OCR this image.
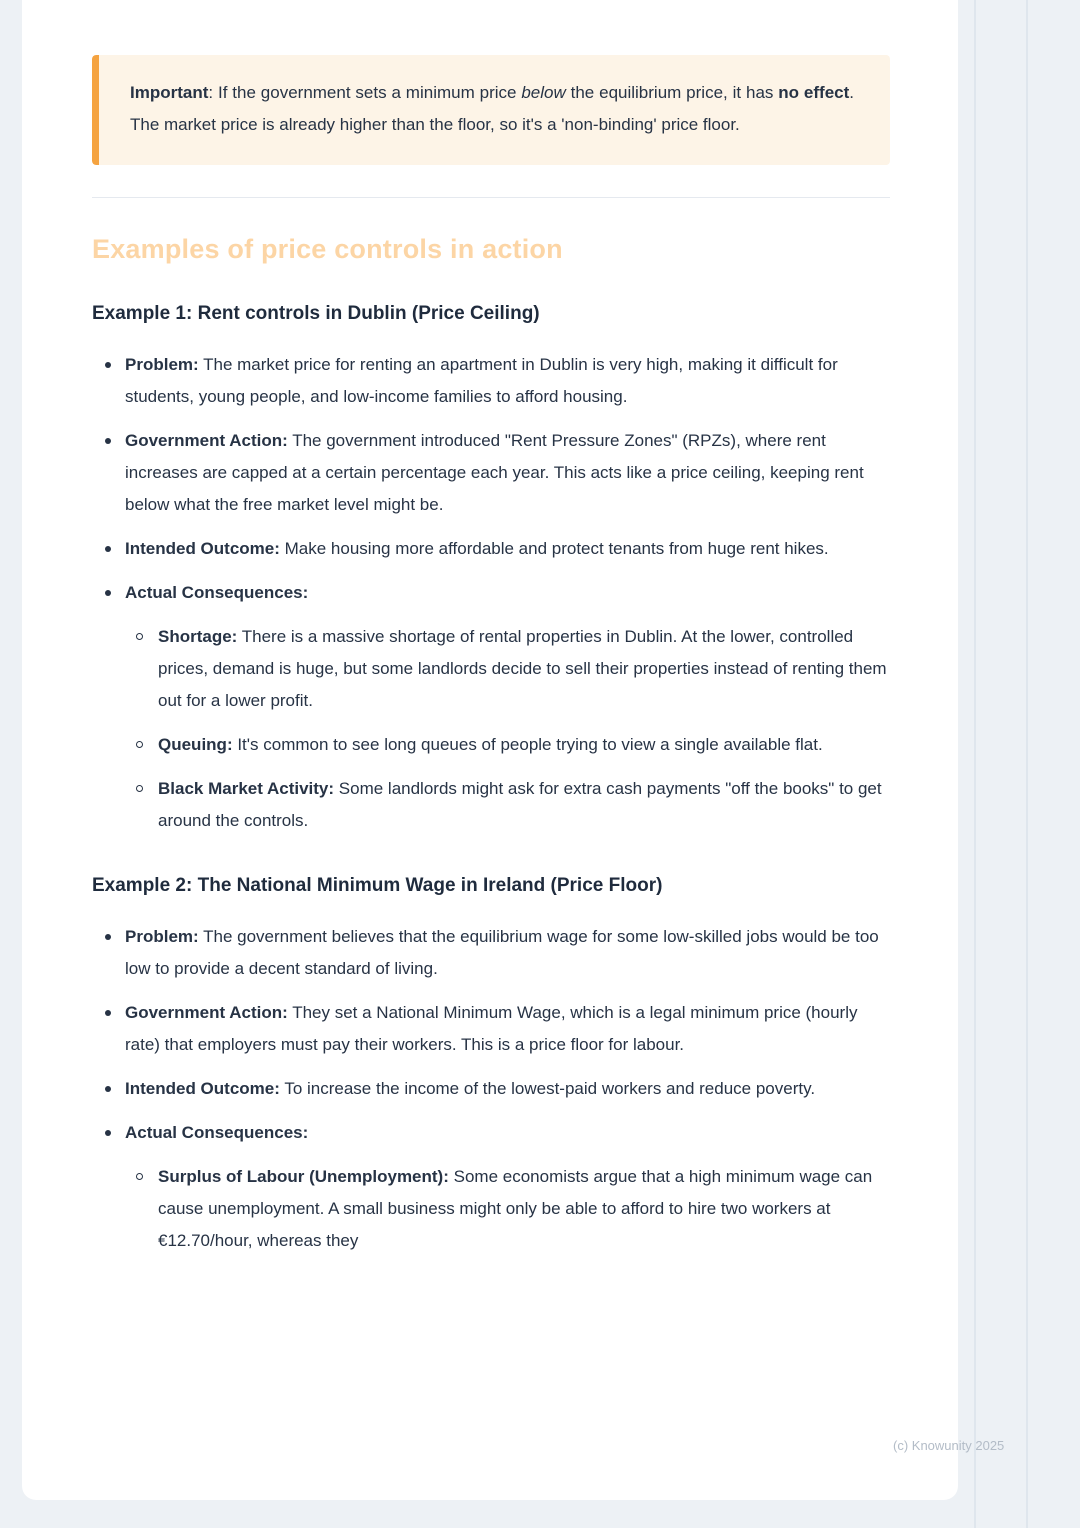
Important: If the government sets a minimum price below the equilibrium price, it has no effect. The market price is already higher than the floor, so it's a 'non-binding' price floor.

Examples of price controls in action
Example 1: Rent controls in Dublin (Price Ceiling)
Problem: The market price for renting an apartment in Dublin is very high, making it difficult for students, young people, and low-income families to afford housing.
Government Action: The government introduced "Rent Pressure Zones" (RPZs), where rent increases are capped at a certain percentage each year. This acts like a price ceiling, keeping rent below what the free market level might be.
Intended Outcome: Make housing more affordable and protect tenants from huge rent hikes.
Actual Consequences:
Shortage: There is a massive shortage of rental properties in Dublin. At the lower, controlled prices, demand is huge, but some landlords decide to sell their properties instead of renting them out for a lower profit.
Queuing: It's common to see long queues of people trying to view a single available flat.
Black Market Activity: Some landlords might ask for extra cash payments "off the books" to get around the controls.
Example 2: The National Minimum Wage in Ireland (Price Floor)
Problem: The government believes that the equilibrium wage for some low-skilled jobs would be too low to provide a decent standard of living.
Government Action: They set a National Minimum Wage, which is a legal minimum price (hourly rate) that employers must pay their workers. This is a price floor for labour.
Intended Outcome: To increase the income of the lowest-paid workers and reduce poverty.
Actual Consequences:
Surplus of Labour (Unemployment): Some economists argue that a high minimum wage can cause unemployment. A small business might only be able to afford to hire two workers at €12.70/hour, whereas they
(c) Knowunity 2025
